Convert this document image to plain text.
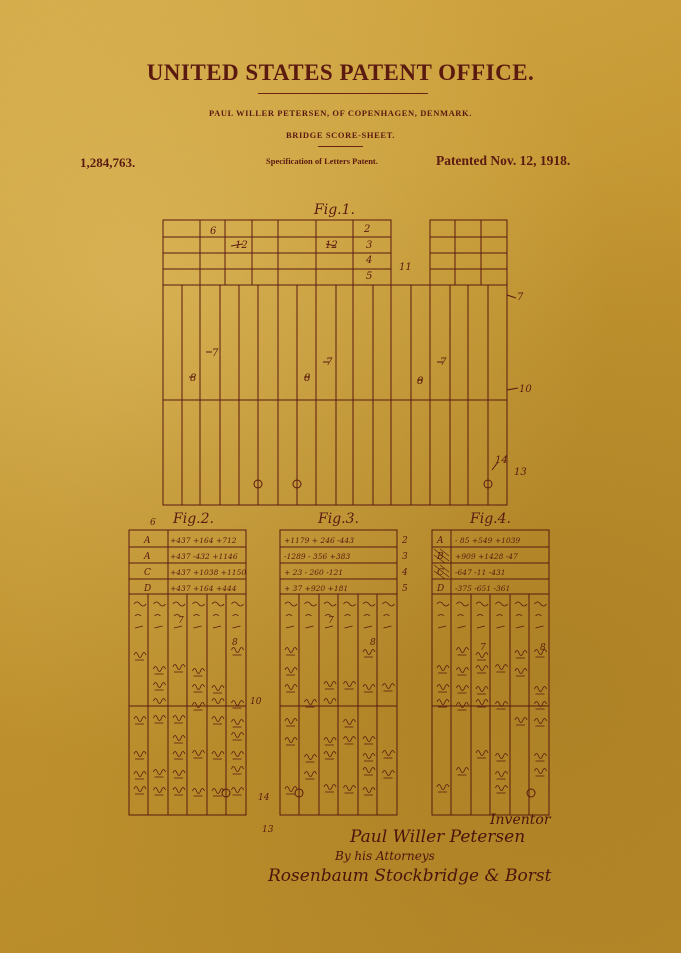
UNITED STATES PATENT OFFICE.
PAUL WILLER PETERSEN, OF COPENHAGEN, DENMARK.
BRIDGE SCORE-SHEET.
1,284,763.	Specification of Letters Patent.	Patented Nov. 12, 1918.
Fig.1.
2
3
4
5
6
12	12
11
7
7
7	7
8	8	8
10
14
13
Fig.2.
A	+437 +164 +712
A	+437 -432 +1146
C	+437 +1038 +1150
D	+437 +164 +444
6
7
8
10
14
Fig.3.
+1179 + 246 -443	2
-1289 - 356 +383	3
+ 23 - 260 -121	4
+ 37 +920 +181	5
7
8
13
Fig.4.
A - 85 +549 +1039
B +909 +1428 -47
C -647 -11 -431
D -375 -651 -361
7	8
Inventor
Paul Willer Petersen
By his Attorneys
Rosenbaum Stockbridge & Borst
